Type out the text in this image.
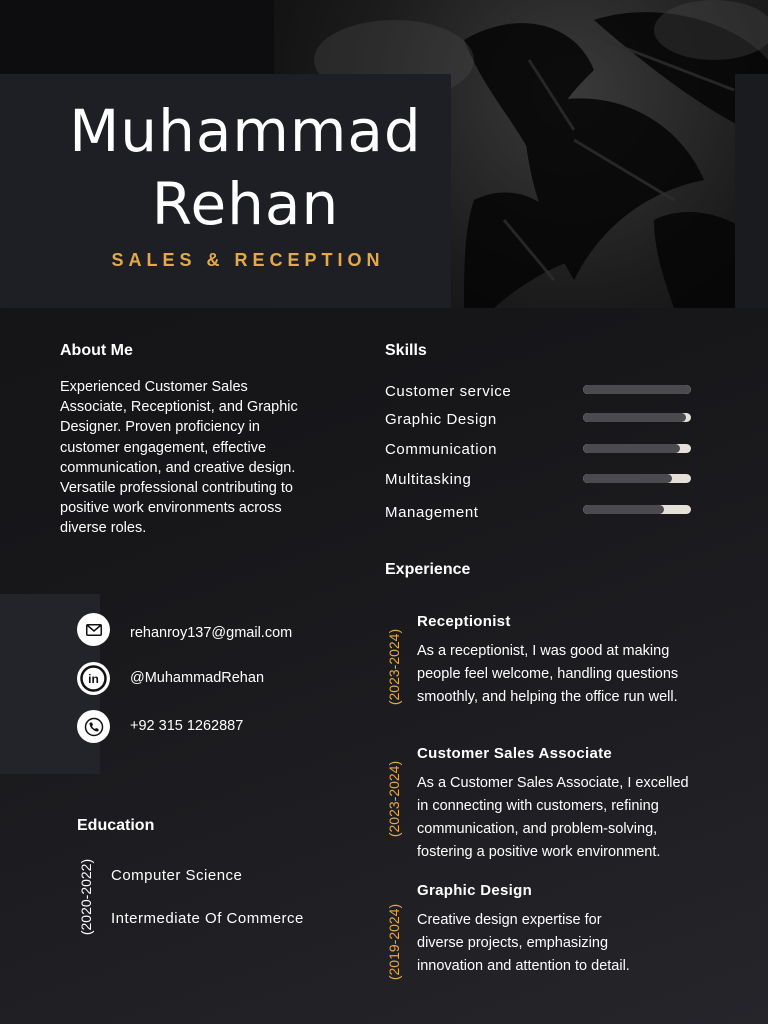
Muhammad
Rehan
SALES & RECEPTION
About Me
Experienced Customer Sales
Associate, Receptionist, and Graphic
Designer. Proven proficiency in
customer engagement, effective
communication, and creative design.
Versatile professional contributing to
positive work environments across
diverse roles.
rehanroy137@gmail.com
in @MuhammadRehan
+92 315 1262887
Education
(2020-2022) Computer Science
Intermediate Of Commerce
Skills
Customer service
Graphic Design
Communication
Multitasking
Management
Experience
(2023-2024)
Receptionist
As a receptionist, I was good at making
people feel welcome, handling questions
smoothly, and helping the office run well.
(2023-2024)
Customer Sales Associate
As a Customer Sales Associate, I excelled
in connecting with customers, refining
communication, and problem-solving,
fostering a positive work environment.
(2019-2024)
Graphic Design
Creative design expertise for
diverse projects, emphasizing
innovation and attention to detail.
